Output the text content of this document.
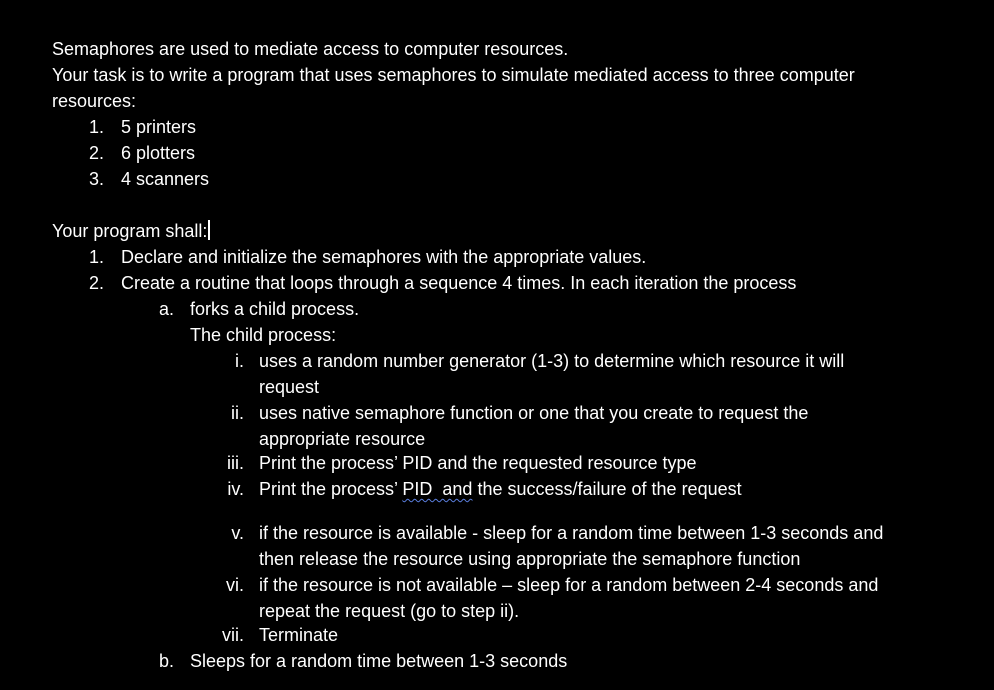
Semaphores are used to mediate access to computer resources.
Your task is to write a program that uses semaphores to simulate mediated access to three computer
resources:
1. 5 printers
2. 6 plotters
3. 4 scanners
Your program shall:
1. Declare and initialize the semaphores with the appropriate values.
2. Create a routine that loops through a sequence 4 times. In each iteration the process
a. forks a child process.
The child process:
i. uses a random number generator (1-3) to determine which resource it will
request
ii. uses native semaphore function or one that you create to request the
appropriate resource
iii. Print the process’ PID and the requested resource type
iv. Print the process’ PID  and the success/failure of the request
v. if the resource is available - sleep for a random time between 1-3 seconds and
then release the resource using appropriate the semaphore function
vi. if the resource is not available – sleep for a random between 2-4 seconds and
repeat the request (go to step ii).
vii. Terminate
b. Sleeps for a random time between 1-3 seconds
